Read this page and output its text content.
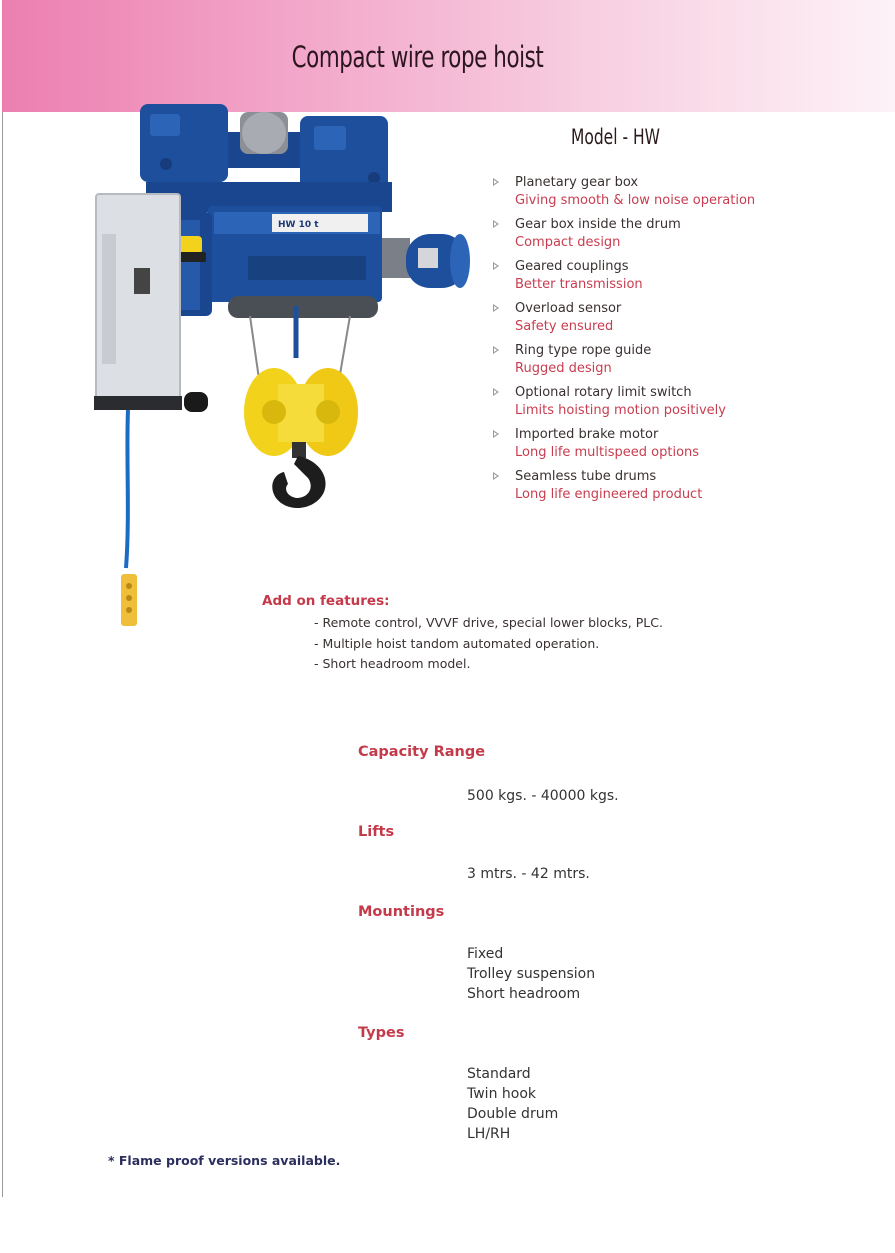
Compact wire rope hoist
HW 10 t
Model - HW
Planetary gear box
Giving smooth & low noise operation
Gear box inside the drum
Compact design
Geared couplings
Better transmission
Overload sensor
Safety ensured
Ring type rope guide
Rugged design
Optional rotary limit switch
Limits hoisting motion positively
Imported brake motor
Long life multispeed options
Seamless tube drums
Long life engineered product
Add on features:
- Remote control, VVVF drive, special lower blocks, PLC.
- Multiple hoist tandom automated operation.
- Short headroom model.
Capacity Range
500 kgs. - 40000 kgs.
Lifts
3 mtrs. - 42 mtrs.
Mountings
Fixed
Trolley suspension
Short headroom
Types
Standard
Twin hook
Double drum
LH/RH
* Flame proof versions available.
